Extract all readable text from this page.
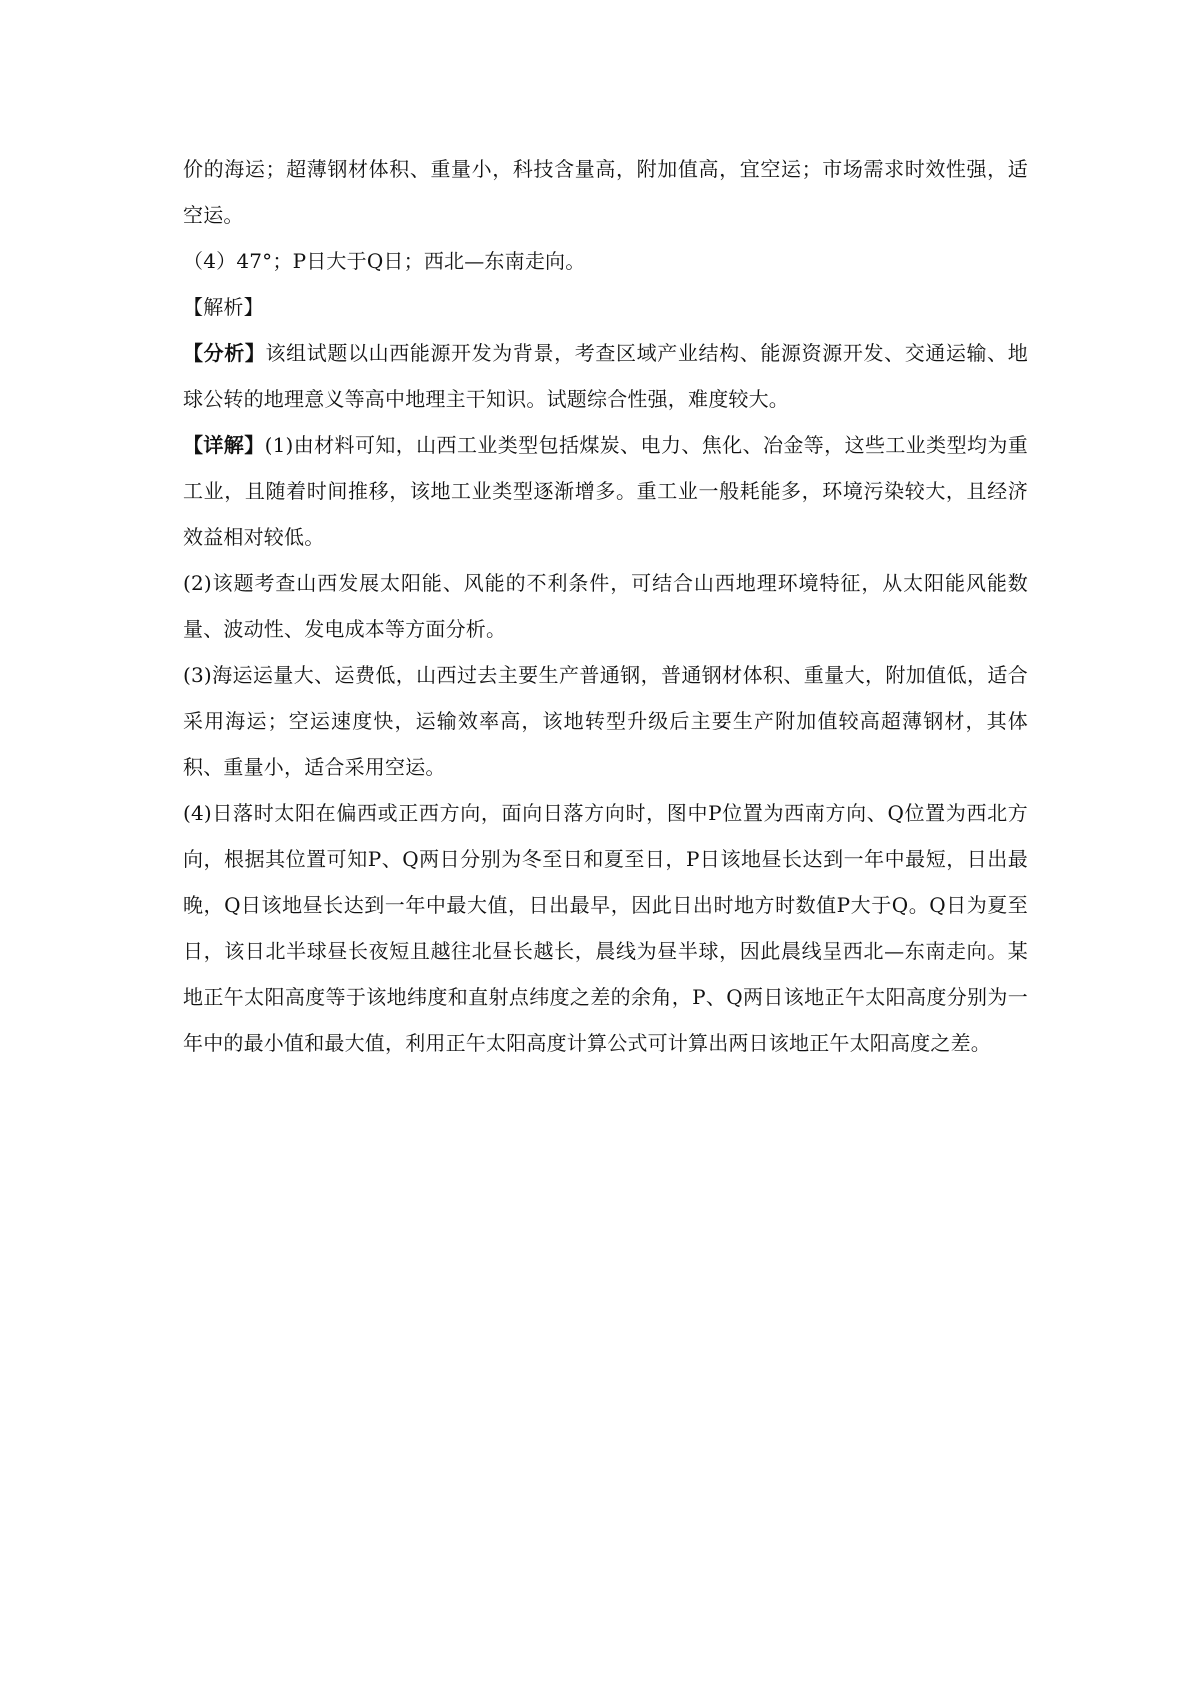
价的海运；超薄钢材体积、重量小，科技含量高，附加值高，宜空运；市场需求时效性强，适空运。

（4）47°；P日大于Q日；西北—东南走向。

【解析】

【分析】该组试题以山西能源开发为背景，考查区域产业结构、能源资源开发、交通运输、地球公转的地理意义等高中地理主干知识。试题综合性强，难度较大。

【详解】(1)由材料可知，山西工业类型包括煤炭、电力、焦化、冶金等，这些工业类型均为重工业，且随着时间推移，该地工业类型逐渐增多。重工业一般耗能多，环境污染较大，且经济效益相对较低。

(2)该题考查山西发展太阳能、风能的不利条件，可结合山西地理环境特征，从太阳能风能数量、波动性、发电成本等方面分析。

(3)海运运量大、运费低，山西过去主要生产普通钢，普通钢材体积、重量大，附加值低，适合采用海运；空运速度快，运输效率高，该地转型升级后主要生产附加值较高超薄钢材，其体积、重量小，适合采用空运。

(4)日落时太阳在偏西或正西方向，面向日落方向时，图中P位置为西南方向、Q位置为西北方向，根据其位置可知P、Q两日分别为冬至日和夏至日，P日该地昼长达到一年中最短，日出最晚，Q日该地昼长达到一年中最大值，日出最早，因此日出时地方时数值P大于Q。Q日为夏至日，该日北半球昼长夜短且越往北昼长越长，晨线为昼半球，因此晨线呈西北—东南走向。某地正午太阳高度等于该地纬度和直射点纬度之差的余角，P、Q两日该地正午太阳高度分别为一年中的最小值和最大值，利用正午太阳高度计算公式可计算出两日该地正午太阳高度之差。
